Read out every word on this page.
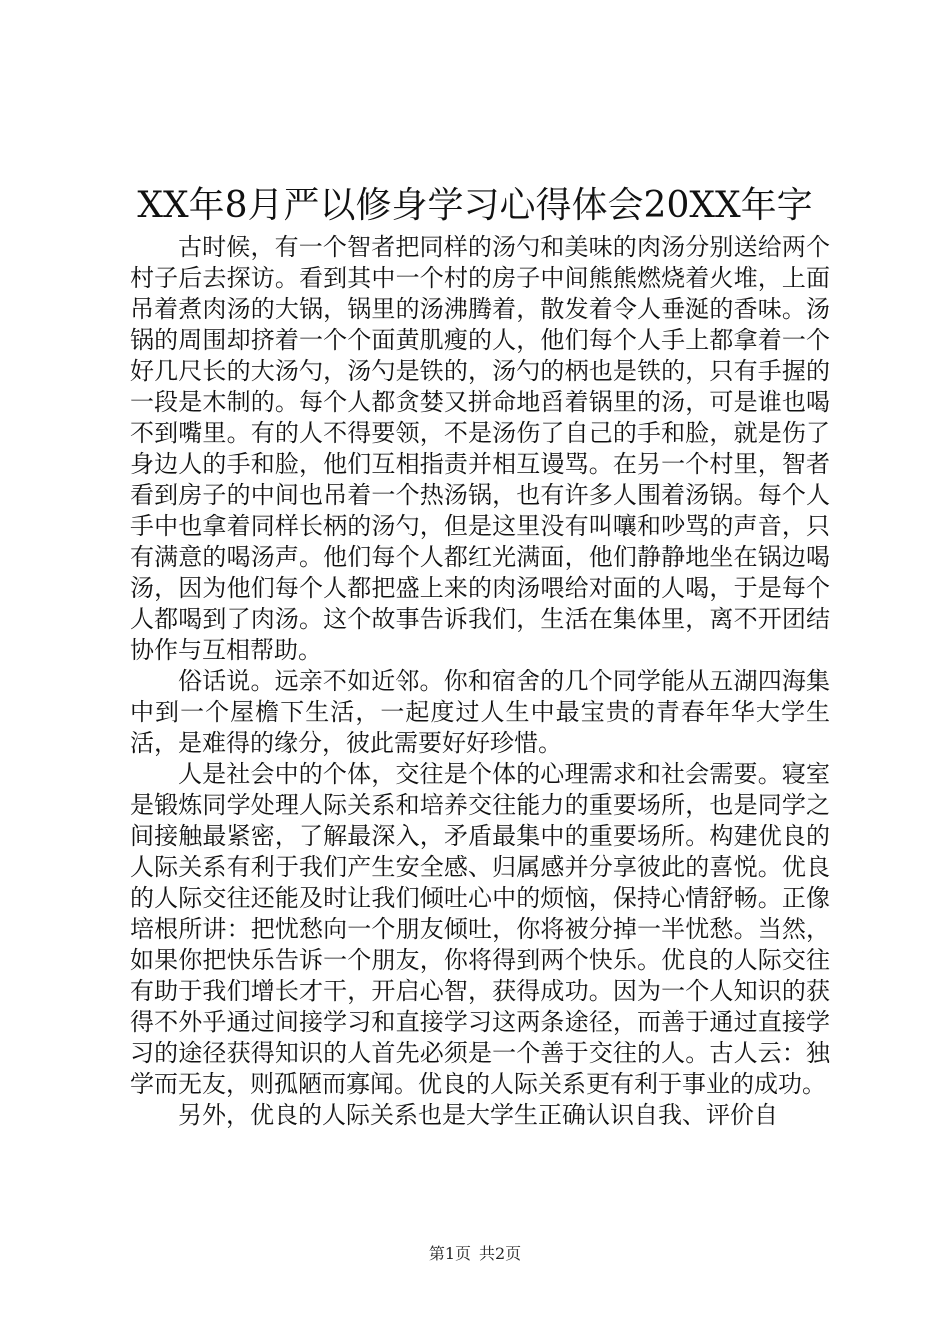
XX年8月严以修身学习心得体会20XX年字

古时候，有一个智者把同样的汤勺和美味的肉汤分别送给两个村子后去探访。看到其中一个村的房子中间熊熊燃烧着火堆，上面吊着煮肉汤的大锅，锅里的汤沸腾着，散发着令人垂涎的香味。汤锅的周围却挤着一个个面黄肌瘦的人，他们每个人手上都拿着一个好几尺长的大汤勺，汤勺是铁的，汤勺的柄也是铁的，只有手握的一段是木制的。每个人都贪婪又拼命地舀着锅里的汤，可是谁也喝不到嘴里。有的人不得要领，不是汤伤了自己的手和脸，就是伤了身边人的手和脸，他们互相指责并相互谩骂。在另一个村里，智者看到房子的中间也吊着一个热汤锅，也有许多人围着汤锅。每个人手中也拿着同样长柄的汤勺，但是这里没有叫嚷和吵骂的声音，只有满意的喝汤声。他们每个人都红光满面，他们静静地坐在锅边喝汤，因为他们每个人都把盛上来的肉汤喂给对面的人喝，于是每个人都喝到了肉汤。这个故事告诉我们，生活在集体里，离不开团结协作与互相帮助。

俗话说。远亲不如近邻。你和宿舍的几个同学能从五湖四海集中到一个屋檐下生活，一起度过人生中最宝贵的青春年华大学生活，是难得的缘分，彼此需要好好珍惜。

人是社会中的个体，交往是个体的心理需求和社会需要。寝室是锻炼同学处理人际关系和培养交往能力的重要场所，也是同学之间接触最紧密，了解最深入，矛盾最集中的重要场所。构建优良的人际关系有利于我们产生安全感、归属感并分享彼此的喜悦。优良的人际交往还能及时让我们倾吐心中的烦恼，保持心情舒畅。正像培根所讲：把忧愁向一个朋友倾吐，你将被分掉一半忧愁。当然，如果你把快乐告诉一个朋友，你将得到两个快乐。优良的人际交往有助于我们增长才干，开启心智，获得成功。因为一个人知识的获得不外乎通过间接学习和直接学习这两条途径，而善于通过直接学习的途径获得知识的人首先必须是一个善于交往的人。古人云：独学而无友，则孤陋而寡闻。优良的人际关系更有利于事业的成功。

另外，优良的人际关系也是大学生正确认识自我、评价自

第1页 共2页
